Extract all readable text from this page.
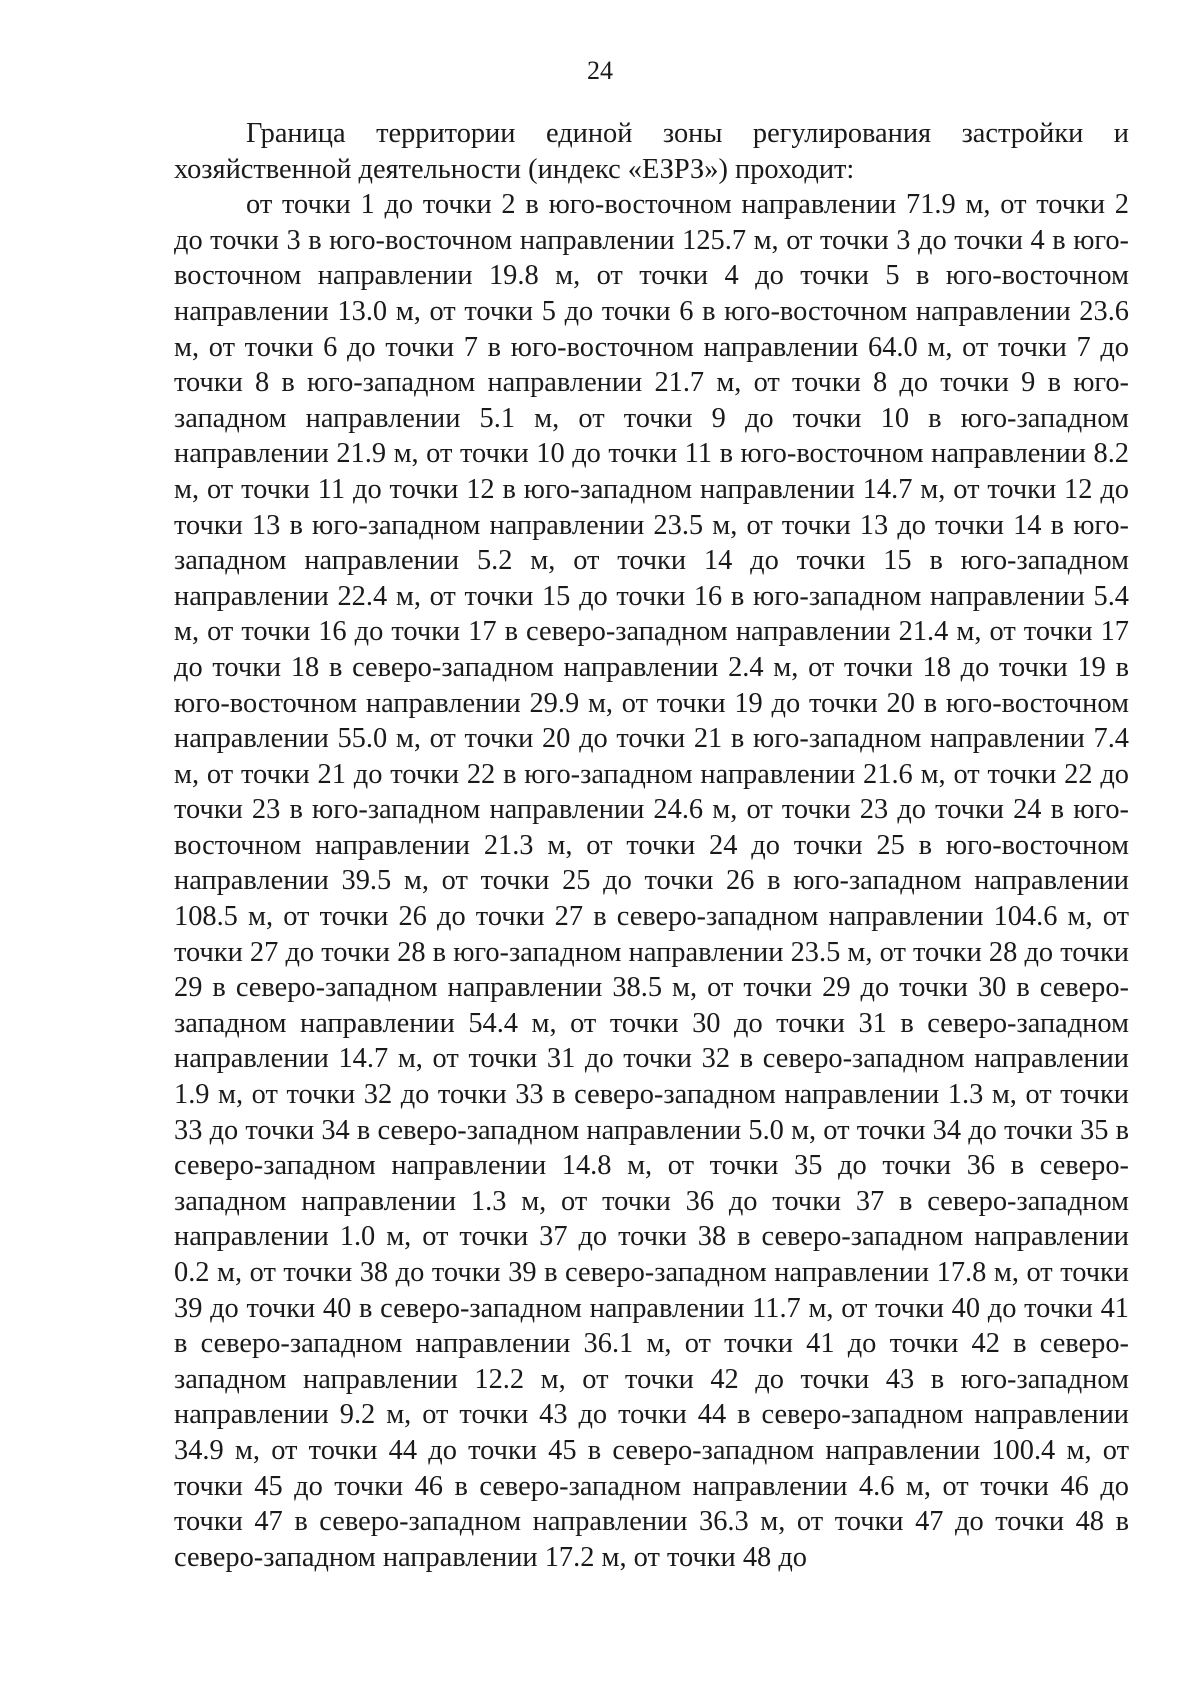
24

Граница территории единой зоны регулирования застройки и хозяйственной деятельности (индекс «ЕЗРЗ») проходит:

от точки 1 до точки 2 в юго-восточном направлении 71.9 м, от точки 2 до точки 3 в юго-восточном направлении 125.7 м, от точки 3 до точки 4 в юго-восточном направлении 19.8 м, от точки 4 до точки 5 в юго-восточном направлении 13.0 м, от точки 5 до точки 6 в юго-восточном направлении 23.6 м, от точки 6 до точки 7 в юго-восточном направлении 64.0 м, от точки 7 до точки 8 в юго-западном направлении 21.7 м, от точки 8 до точки 9 в юго-западном направлении 5.1 м, от точки 9 до точки 10 в юго-западном направлении 21.9 м, от точки 10 до точки 11 в юго-восточном направлении 8.2 м, от точки 11 до точки 12 в юго-западном направлении 14.7 м, от точки 12 до точки 13 в юго-западном направлении 23.5 м, от точки 13 до точки 14 в юго-западном направлении 5.2 м, от точки 14 до точки 15 в юго-западном направлении 22.4 м, от точки 15 до точки 16 в юго-западном направлении 5.4 м, от точки 16 до точки 17 в северо-западном направлении 21.4 м, от точки 17 до точки 18 в северо-западном направлении 2.4 м, от точки 18 до точки 19 в юго-восточном направлении 29.9 м, от точки 19 до точки 20 в юго-восточном направлении 55.0 м, от точки 20 до точки 21 в юго-западном направлении 7.4 м, от точки 21 до точки 22 в юго-западном направлении 21.6 м, от точки 22 до точки 23 в юго-западном направлении 24.6 м, от точки 23 до точки 24 в юго-восточном направлении 21.3 м, от точки 24 до точки 25 в юго-восточном направлении 39.5 м, от точки 25 до точки 26 в юго-западном направлении 108.5 м, от точки 26 до точки 27 в северо-западном направлении 104.6 м, от точки 27 до точки 28 в юго-западном направлении 23.5 м, от точки 28 до точки 29 в северо-западном направлении 38.5 м, от точки 29 до точки 30 в северо-западном направлении 54.4 м, от точки 30 до точки 31 в северо-западном направлении 14.7 м, от точки 31 до точки 32 в северо-западном направлении 1.9 м, от точки 32 до точки 33 в северо-западном направлении 1.3 м, от точки 33 до точки 34 в северо-западном направлении 5.0 м, от точки 34 до точки 35 в северо-западном направлении 14.8 м, от точки 35 до точки 36 в северо-западном направлении 1.3 м, от точки 36 до точки 37 в северо-западном направлении 1.0 м, от точки 37 до точки 38 в северо-западном направлении 0.2 м, от точки 38 до точки 39 в северо-западном направлении 17.8 м, от точки 39 до точки 40 в северо-западном направлении 11.7 м, от точки 40 до точки 41 в северо-западном направлении 36.1 м, от точки 41 до точки 42 в северо-западном направлении 12.2 м, от точки 42 до точки 43 в юго-западном направлении 9.2 м, от точки 43 до точки 44 в северо-западном направлении 34.9 м, от точки 44 до точки 45 в северо-западном направлении 100.4 м, от точки 45 до точки 46 в северо-западном направлении 4.6 м, от точки 46 до точки 47 в северо-западном направлении 36.3 м, от точки 47 до точки 48 в северо-западном направлении 17.2 м, от точки 48 до
